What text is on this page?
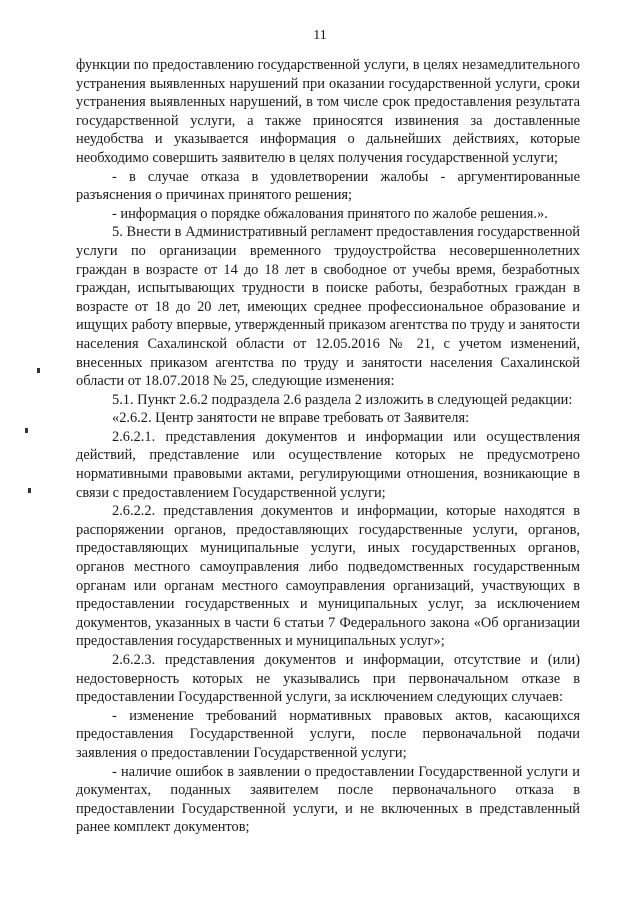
11

функции по предоставлению государственной услуги, в целях незамедлительного устранения выявленных нарушений при оказании государственной услуги, сроки устранения выявленных нарушений, в том числе срок предоставления результата государственной услуги, а также приносятся извинения за доставленные неудобства и указывается информация о дальнейших действиях, которые необходимо совершить заявителю в целях получения государственной услуги;

- в случае отказа в удовлетворении жалобы - аргументированные разъяснения о причинах принятого решения;

- информация о порядке обжалования принятого по жалобе решения.».

5. Внести в Административный регламент предоставления государственной услуги по организации временного трудоустройства несовершеннолетних граждан в возрасте от 14 до 18 лет в свободное от учебы время, безработных граждан, испытывающих трудности в поиске работы, безработных граждан в возрасте от 18 до 20 лет, имеющих среднее профессиональное образование и ищущих работу впервые, утвержденный приказом агентства по труду и занятости населения Сахалинской области от 12.05.2016 № 21, с учетом изменений, внесенных приказом агентства по труду и занятости населения Сахалинской области от 18.07.2018 № 25, следующие изменения:

5.1. Пункт 2.6.2 подраздела 2.6 раздела 2 изложить в следующей редакции:

«2.6.2. Центр занятости не вправе требовать от Заявителя:

2.6.2.1. представления документов и информации или осуществления действий, представление или осуществление которых не предусмотрено нормативными правовыми актами, регулирующими отношения, возникающие в связи с предоставлением Государственной услуги;

2.6.2.2. представления документов и информации, которые находятся в распоряжении органов, предоставляющих государственные услуги, органов, предоставляющих муниципальные услуги, иных государственных органов, органов местного самоуправления либо подведомственных государственным органам или органам местного самоуправления организаций, участвующих в предоставлении государственных и муниципальных услуг, за исключением документов, указанных в части 6 статьи 7 Федерального закона «Об организации предоставления государственных и муниципальных услуг»;

2.6.2.3. представления документов и информации, отсутствие и (или) недостоверность которых не указывались при первоначальном отказе в предоставлении Государственной услуги, за исключением следующих случаев:

- изменение требований нормативных правовых актов, касающихся предоставления Государственной услуги, после первоначальной подачи заявления о предоставлении Государственной услуги;

- наличие ошибок в заявлении о предоставлении Государственной услуги и документах, поданных заявителем после первоначального отказа в предоставлении Государственной услуги, и не включенных в представленный ранее комплект документов;
